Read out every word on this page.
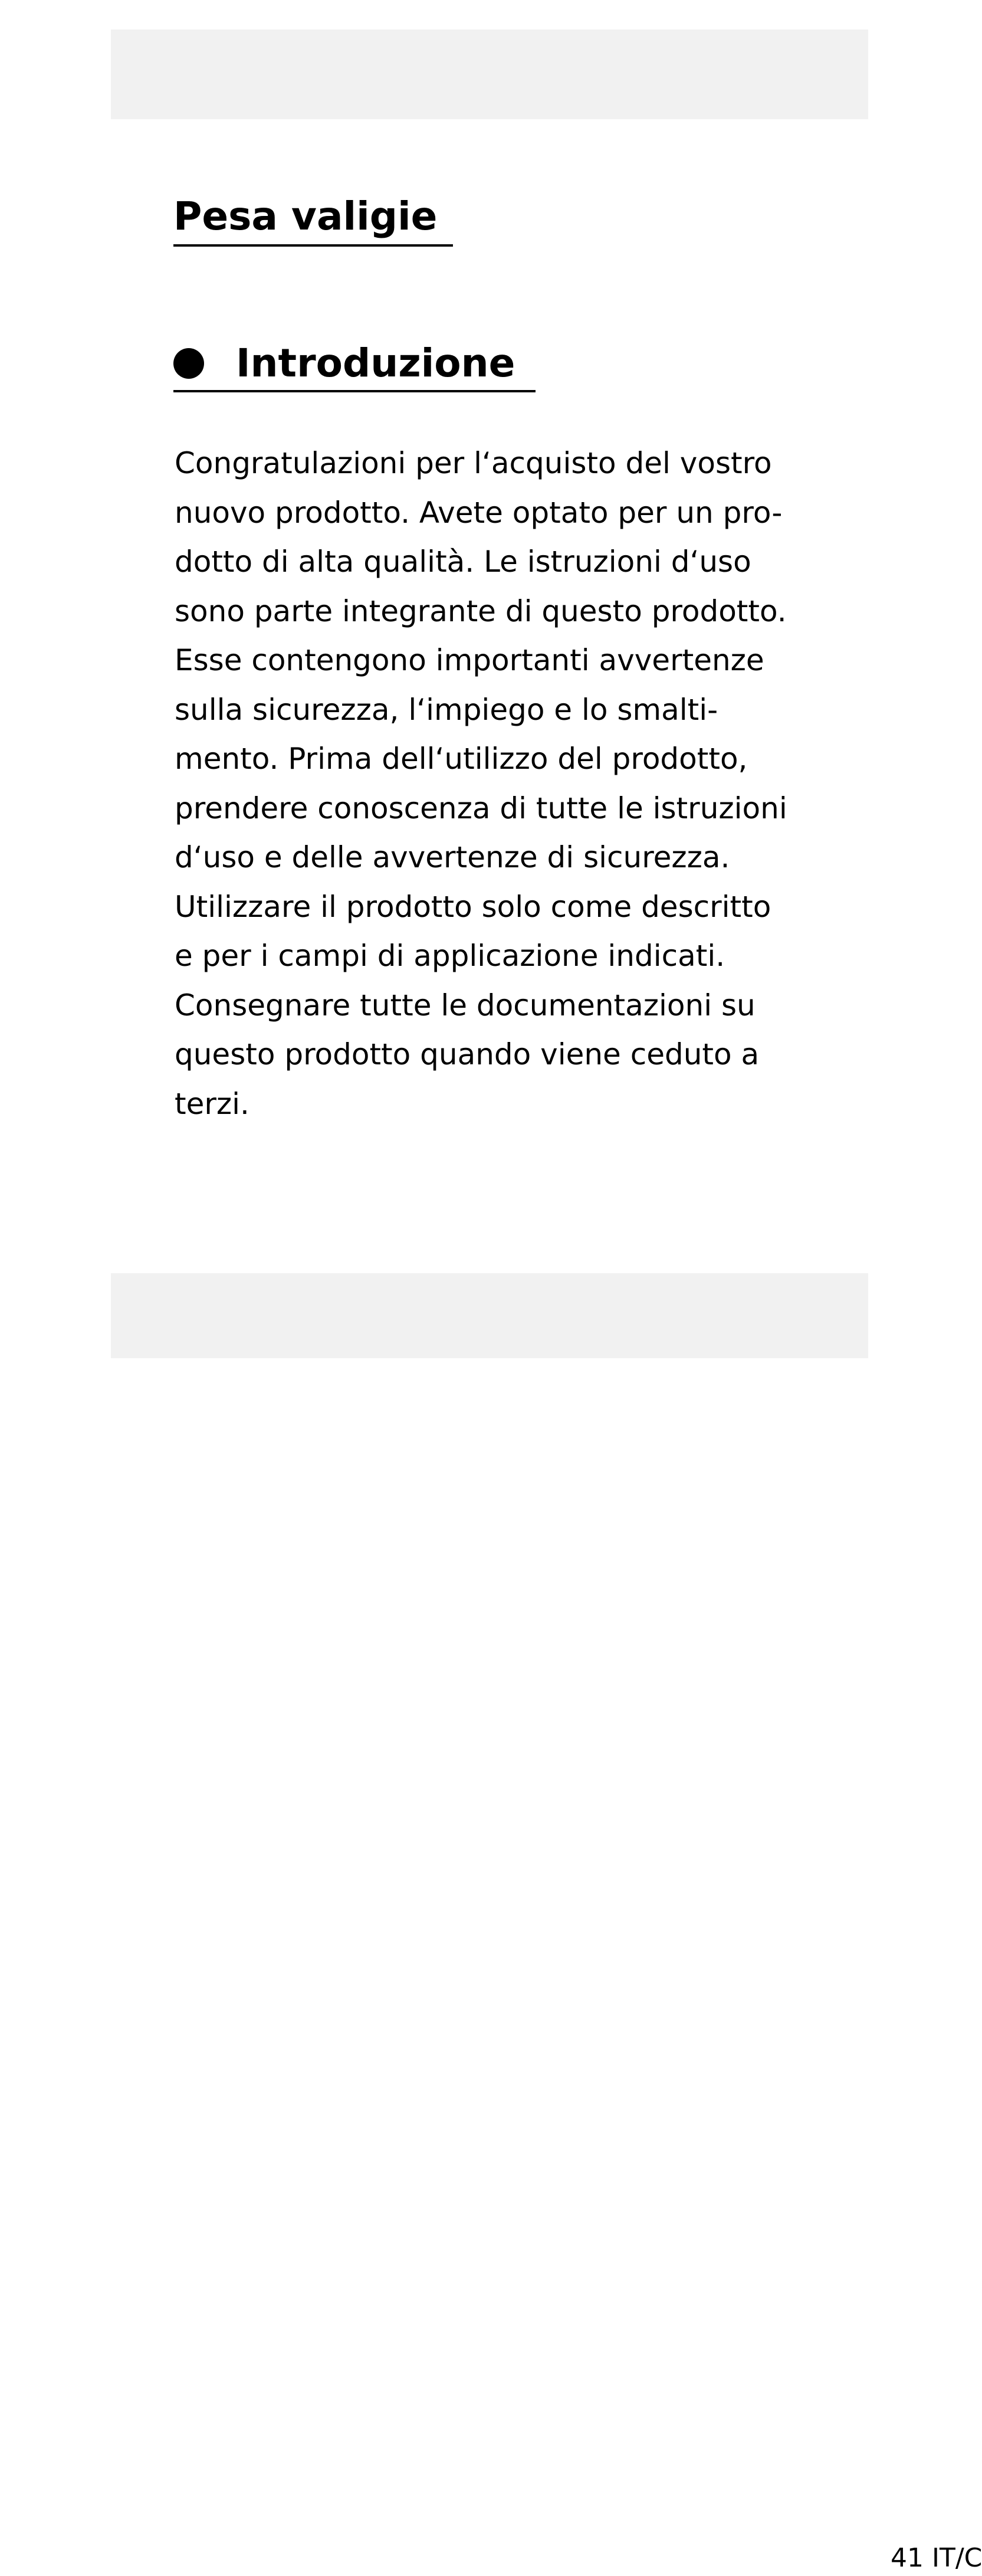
Pesa valigie
Introduzione
Congratulazioni per l‘acquisto del vostro
nuovo prodotto. Avete optato per un pro-
dotto di alta qualità. Le istruzioni d‘uso
sono parte integrante di questo prodotto.
Esse contengono importanti avvertenze
sulla sicurezza, l‘impiego e lo smalti-
mento. Prima dell‘utilizzo del prodotto,
prendere conoscenza di tutte le istruzioni
d‘uso e delle avvertenze di sicurezza.
Utilizzare il prodotto solo come descritto
e per i campi di applicazione indicati.
Consegnare tutte le documentazioni su
questo prodotto quando viene ceduto a
terzi.
41 IT/C
